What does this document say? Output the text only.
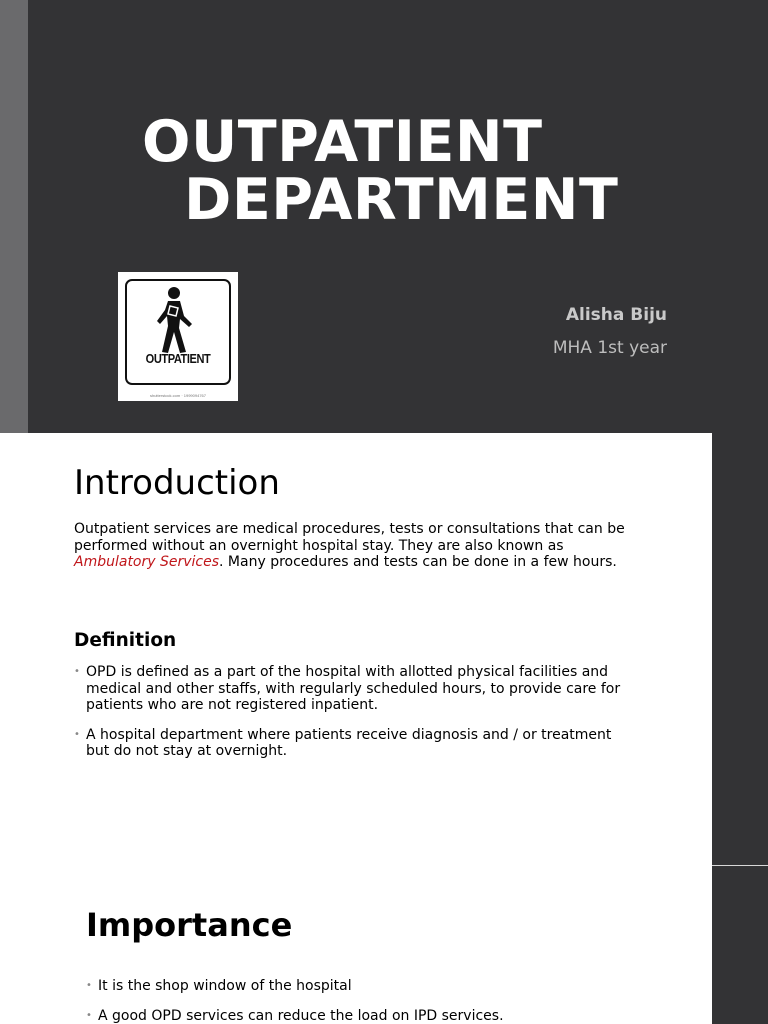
OUTPATIENT
DEPARTMENT
OUTPATIENT
shutterstock.com · 1999094767
Alisha Biju
MHA 1st year
Introduction

Outpatient services are medical procedures, tests or consultations that can be performed without an overnight hospital stay. They are also known as Ambulatory Services. Many procedures and tests can be done in a few hours.

Definition
• OPD is defined as a part of the hospital with allotted physical facilities and medical and other staffs, with regularly scheduled hours, to provide care for patients who are not registered inpatient.
• A hospital department where patients receive diagnosis and / or treatment but do not stay at overnight.
Importance
• It is the shop window of the hospital
• A good OPD services can reduce the load on IPD services.
